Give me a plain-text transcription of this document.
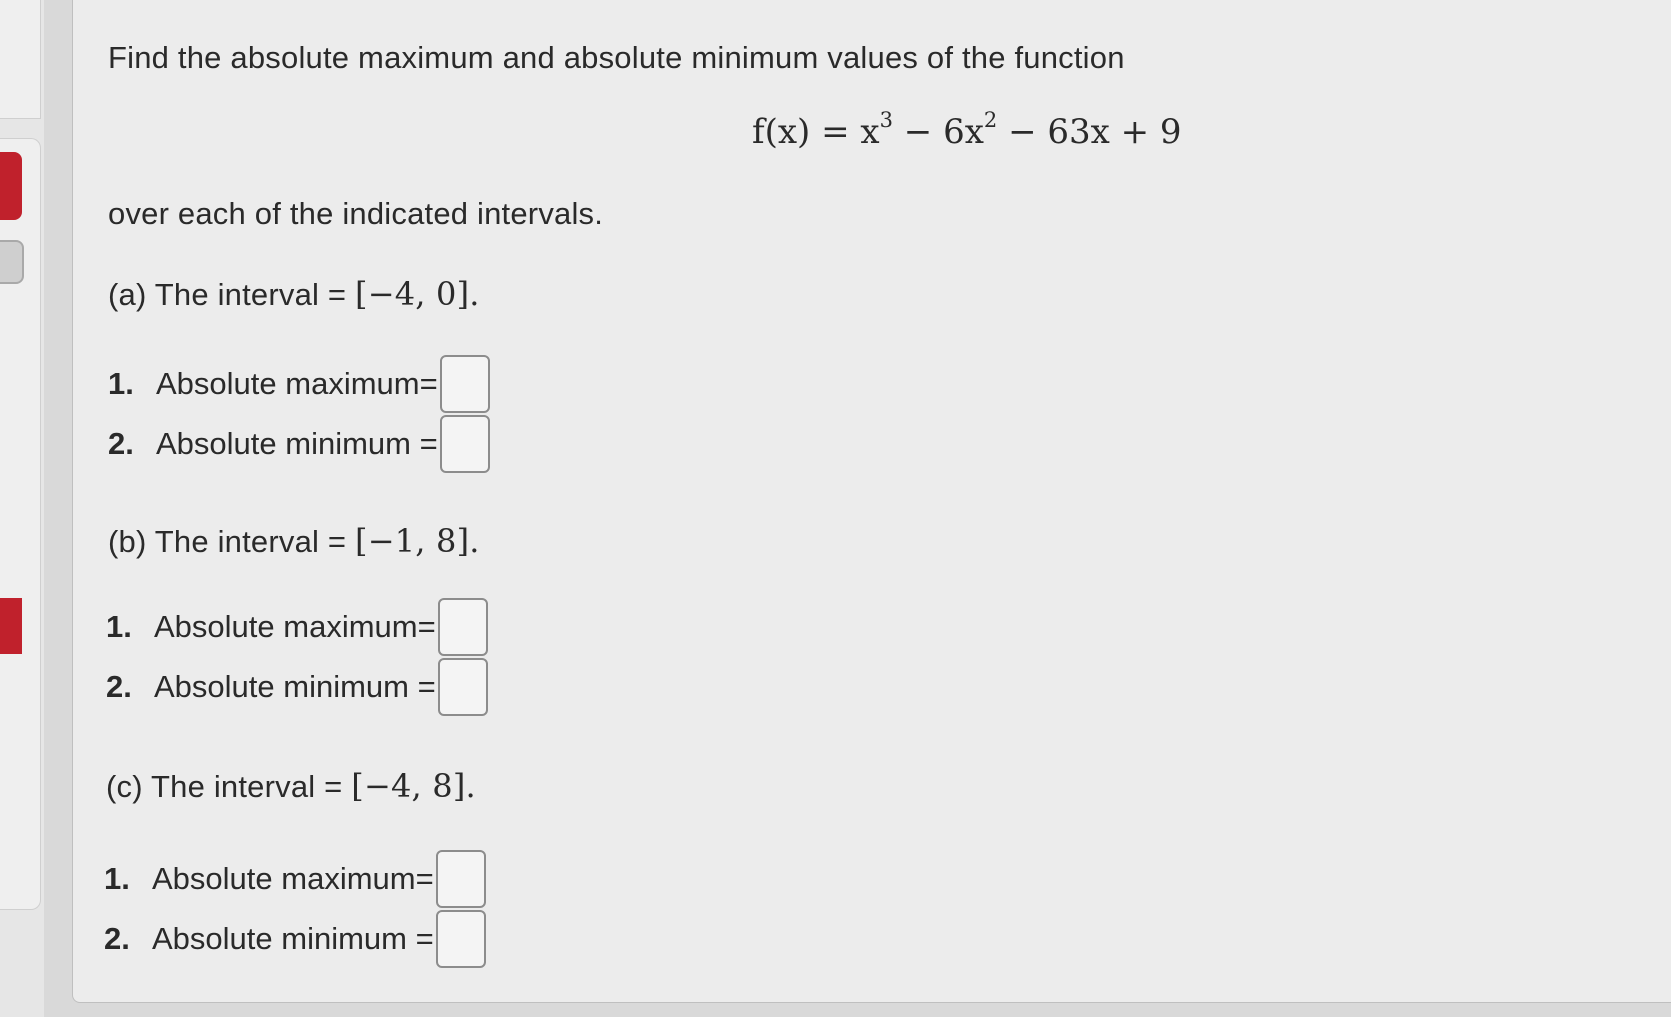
Find the absolute maximum and absolute minimum values of the function
$f(x) = x^3 - 6x^2 - 63x + 9$
over each of the indicated intervals.
(a) The interval = [−4, 0].
1. Absolute maximum=
2. Absolute minimum =
(b) The interval = [−1, 8].
1. Absolute maximum=
2. Absolute minimum =
(c) The interval = [−4, 8].
1. Absolute maximum=
2. Absolute minimum =
